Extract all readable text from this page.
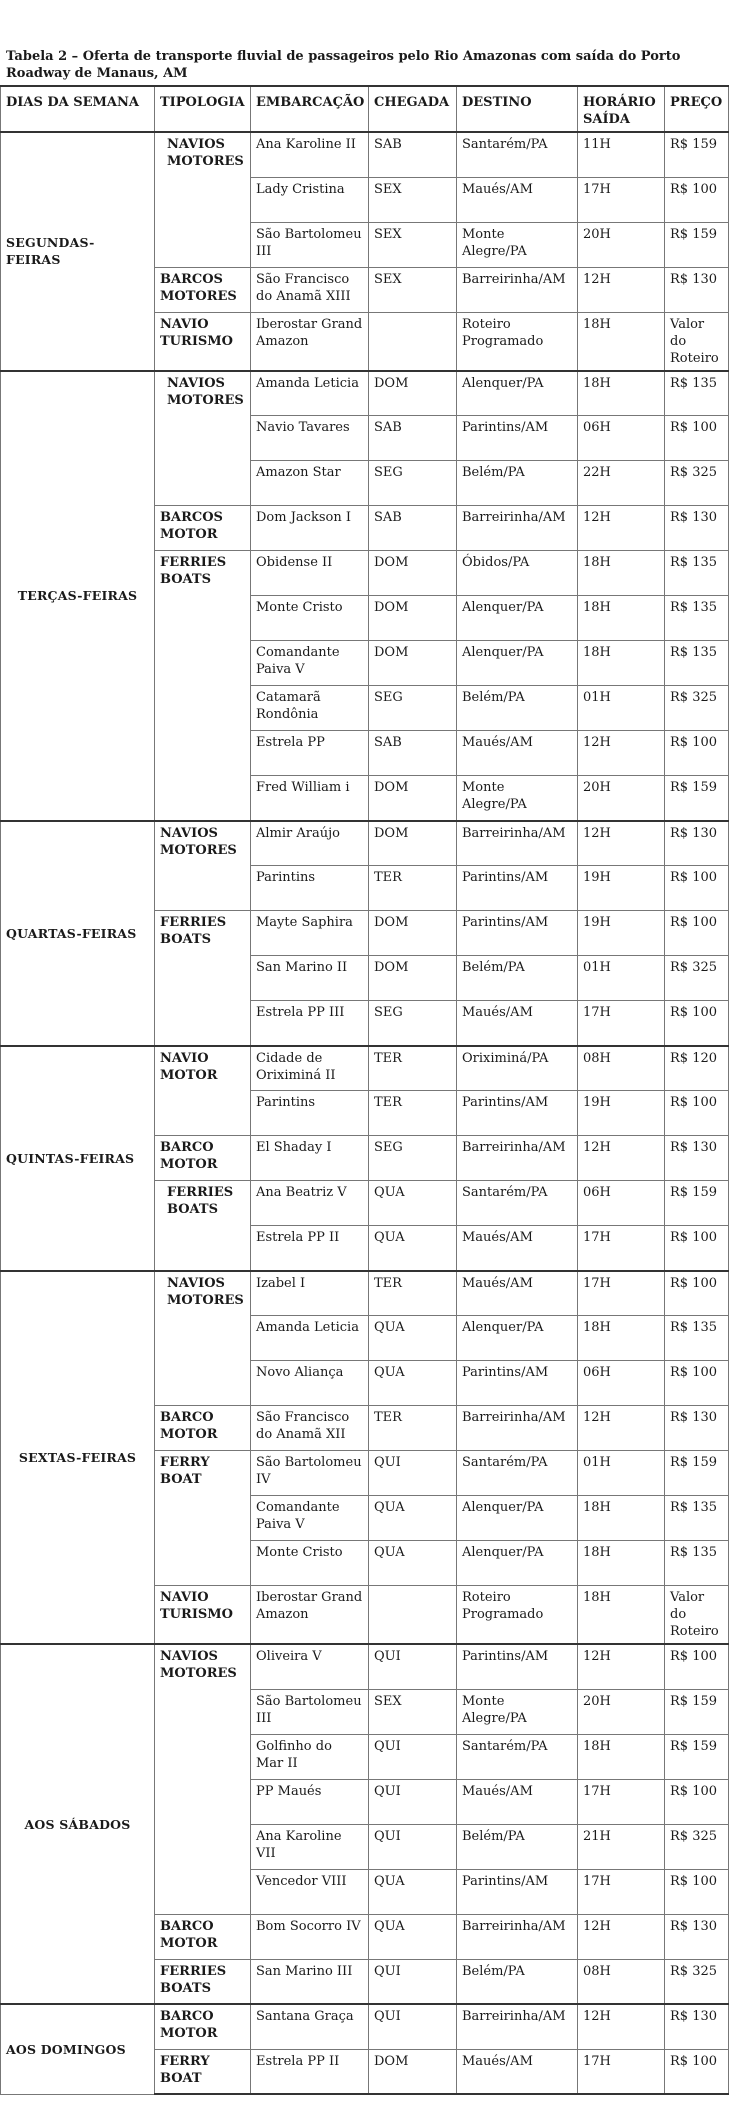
Tabela 2 – Oferta de transporte fluvial de passageiros pelo Rio Amazonas com saída do Porto Roadway de Manaus, AM
DIAS DA SEMANA	TIPOLOGIA	EMBARCAÇÃO	CHEGADA	DESTINO	HORÁRIO SAÍDA	PREÇO
SEGUNDAS-FEIRAS	NAVIOS MOTORES	Ana Karoline II	SAB	Santarém/PA	11H	R$ 159
		Lady Cristina	SEX	Maués/AM	17H	R$ 100
		São Bartolomeu III	SEX	Monte Alegre/PA	20H	R$ 159
	BARCOS MOTORES	São Francisco do Anamã XIII	SEX	Barreirinha/AM	12H	R$ 130
	NAVIO TURISMO	Iberostar Grand Amazon		Roteiro Programado	18H	Valor do Roteiro
TERÇAS-FEIRAS	NAVIOS MOTORES	Amanda Leticia	DOM	Alenquer/PA	18H	R$ 135
		Navio Tavares	SAB	Parintins/AM	06H	R$ 100
		Amazon Star	SEG	Belém/PA	22H	R$ 325
	BARCOS MOTOR	Dom Jackson I	SAB	Barreirinha/AM	12H	R$ 130
	FERRIES BOATS	Obidense II	DOM	Óbidos/PA	18H	R$ 135
		Monte Cristo	DOM	Alenquer/PA	18H	R$ 135
		Comandante Paiva V	DOM	Alenquer/PA	18H	R$ 135
		Catamarã Rondônia	SEG	Belém/PA	01H	R$ 325
		Estrela PP	SAB	Maués/AM	12H	R$ 100
		Fred William i	DOM	Monte Alegre/PA	20H	R$ 159
QUARTAS-FEIRAS	NAVIOS MOTORES	Almir Araújo	DOM	Barreirinha/AM	12H	R$ 130
		Parintins	TER	Parintins/AM	19H	R$ 100
	FERRIES BOATS	Mayte Saphira	DOM	Parintins/AM	19H	R$ 100
		San Marino II	DOM	Belém/PA	01H	R$ 325
		Estrela PP III	SEG	Maués/AM	17H	R$ 100
QUINTAS-FEIRAS	NAVIO MOTOR	Cidade de Oriximiná II	TER	Oriximiná/PA	08H	R$ 120
		Parintins	TER	Parintins/AM	19H	R$ 100
	BARCO MOTOR	El Shaday I	SEG	Barreirinha/AM	12H	R$ 130
	FERRIES BOATS	Ana Beatriz V	QUA	Santarém/PA	06H	R$ 159
		Estrela PP II	QUA	Maués/AM	17H	R$ 100
SEXTAS-FEIRAS	NAVIOS MOTORES	Izabel I	TER	Maués/AM	17H	R$ 100
		Amanda Leticia	QUA	Alenquer/PA	18H	R$ 135
		Novo Aliança	QUA	Parintins/AM	06H	R$ 100
	BARCO MOTOR	São Francisco do Anamã XII	TER	Barreirinha/AM	12H	R$ 130
	FERRY BOAT	São Bartolomeu IV	QUI	Santarém/PA	01H	R$ 159
		Comandante Paiva V	QUA	Alenquer/PA	18H	R$ 135
		Monte Cristo	QUA	Alenquer/PA	18H	R$ 135
	NAVIO TURISMO	Iberostar Grand Amazon		Roteiro Programado	18H	Valor do Roteiro
AOS SÁBADOS	NAVIOS MOTORES	Oliveira V	QUI	Parintins/AM	12H	R$ 100
		São Bartolomeu III	SEX	Monte Alegre/PA	20H	R$ 159
		Golfinho do Mar II	QUI	Santarém/PA	18H	R$ 159
		PP Maués	QUI	Maués/AM	17H	R$ 100
		Ana Karoline VII	QUI	Belém/PA	21H	R$ 325
		Vencedor VIII	QUA	Parintins/AM	17H	R$ 100
	BARCO MOTOR	Bom Socorro IV	QUA	Barreirinha/AM	12H	R$ 130
	FERRIES BOATS	San Marino III	QUI	Belém/PA	08H	R$ 325
AOS DOMINGOS	BARCO MOTOR	Santana Graça	QUI	Barreirinha/AM	12H	R$ 130
	FERRY BOAT	Estrela PP II	DOM	Maués/AM	17H	R$ 100
